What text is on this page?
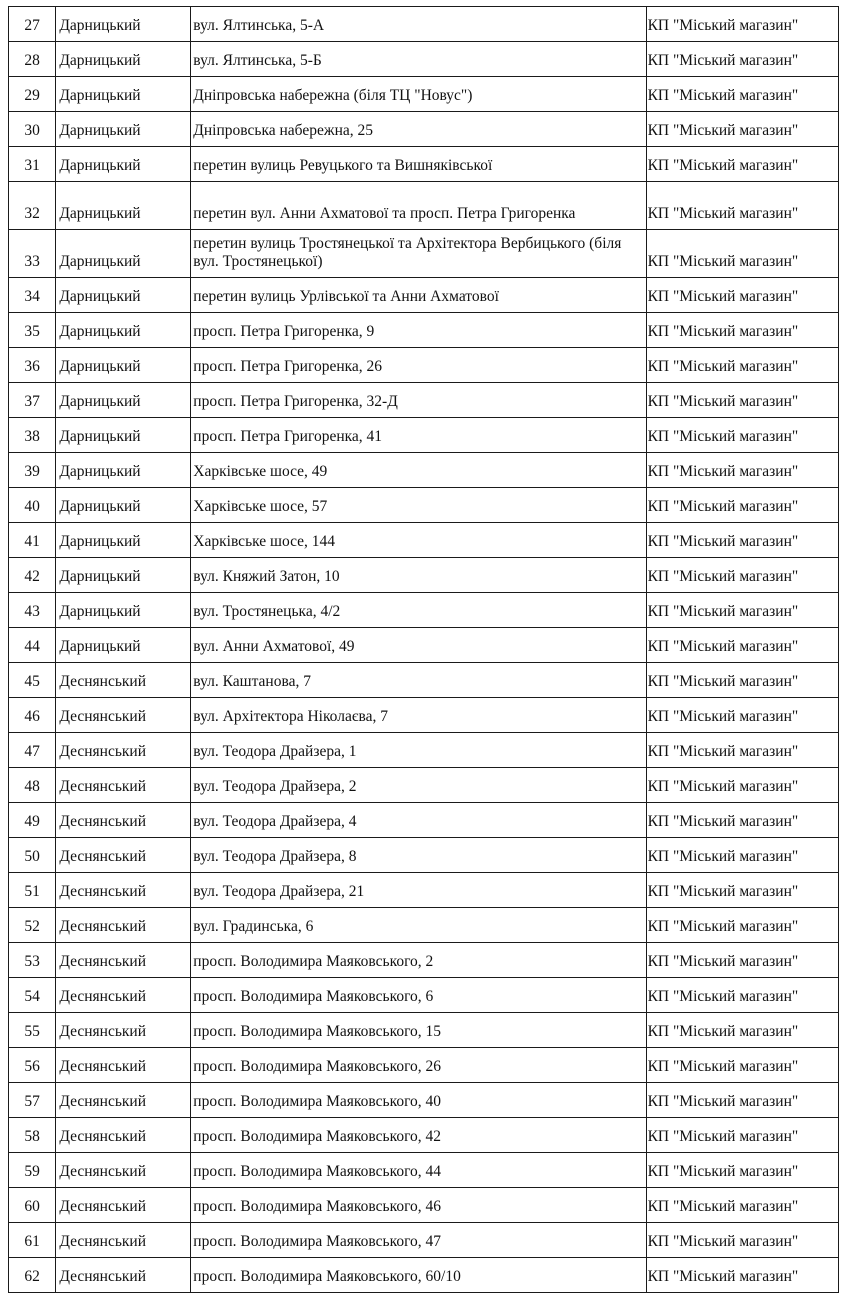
27	Дарницький	вул. Ялтинська, 5-А	КП "Міський магазин"
28	Дарницький	вул. Ялтинська, 5-Б	КП "Міський магазин"
29	Дарницький	Дніпровська набережна (біля ТЦ "Новус")	КП "Міський магазин"
30	Дарницький	Дніпровська набережна, 25	КП "Міський магазин"
31	Дарницький	перетин вулиць Ревуцького та Вишняківської	КП "Міський магазин"
32	Дарницький	перетин вул. Анни Ахматової та просп. Петра Григоренка	КП "Міський магазин"
33	Дарницький	перетин вулиць Тростянецької та Архітектора Вербицького (біля вул. Тростянецької)	КП "Міський магазин"
34	Дарницький	перетин вулиць Урлівської та Анни Ахматової	КП "Міський магазин"
35	Дарницький	просп. Петра Григоренка, 9	КП "Міський магазин"
36	Дарницький	просп. Петра Григоренка, 26	КП "Міський магазин"
37	Дарницький	просп. Петра Григоренка, 32-Д	КП "Міський магазин"
38	Дарницький	просп. Петра Григоренка, 41	КП "Міський магазин"
39	Дарницький	Харківське шосе, 49	КП "Міський магазин"
40	Дарницький	Харківське шосе, 57	КП "Міський магазин"
41	Дарницький	Харківське шосе, 144	КП "Міський магазин"
42	Дарницький	вул. Княжий Затон, 10	КП "Міський магазин"
43	Дарницький	вул. Тростянецька, 4/2	КП "Міський магазин"
44	Дарницький	вул. Анни Ахматової, 49	КП "Міський магазин"
45	Деснянський	вул. Каштанова, 7	КП "Міський магазин"
46	Деснянський	вул. Архітектора Ніколаєва, 7	КП "Міський магазин"
47	Деснянський	вул. Теодора Драйзера, 1	КП "Міський магазин"
48	Деснянський	вул. Теодора Драйзера, 2	КП "Міський магазин"
49	Деснянський	вул. Теодора Драйзера, 4	КП "Міський магазин"
50	Деснянський	вул. Теодора Драйзера, 8	КП "Міський магазин"
51	Деснянський	вул. Теодора Драйзера, 21	КП "Міський магазин"
52	Деснянський	вул. Градинська, 6	КП "Міський магазин"
53	Деснянський	просп. Володимира Маяковського, 2	КП "Міський магазин"
54	Деснянський	просп. Володимира Маяковського, 6	КП "Міський магазин"
55	Деснянський	просп. Володимира Маяковського, 15	КП "Міський магазин"
56	Деснянський	просп. Володимира Маяковського, 26	КП "Міський магазин"
57	Деснянський	просп. Володимира Маяковського, 40	КП "Міський магазин"
58	Деснянський	просп. Володимира Маяковського, 42	КП "Міський магазин"
59	Деснянський	просп. Володимира Маяковського, 44	КП "Міський магазин"
60	Деснянський	просп. Володимира Маяковського, 46	КП "Міський магазин"
61	Деснянський	просп. Володимира Маяковського, 47	КП "Міський магазин"
62	Деснянський	просп. Володимира Маяковського, 60/10	КП "Міський магазин"
